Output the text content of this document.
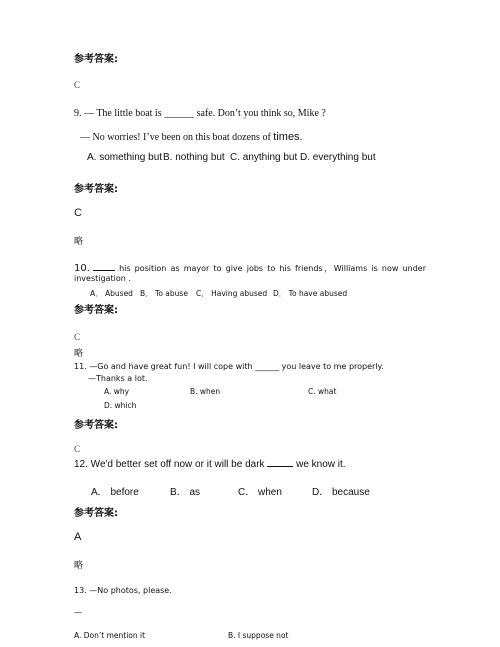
参考答案:
C
9. — The little boat is ______ safe. Don’t you think so, Mike ?
— No worries! I’ve been on this boat dozens of times.
A. something but B. nothing but C. anything but D. everything but
参考答案:
C
略
10.	his position as mayor to give jobs to his friends，Williams is now under
investigation .
A． Abused B． To abuse C． Having abused D． To have abused
参考答案:
C
略
11. —Go and have great fun! I will cope with ______ you leave to me properly.
—Thanks a lot.
A. why	B. when	C. what
D. which
参考答案:
C
12. We'd better set off now or it will be dark	we know it.
A． before	B． as	C． when	D． because
参考答案:
A
略
13. —No photos, please.
—
A. Don’t mention it	B. I suppose not
